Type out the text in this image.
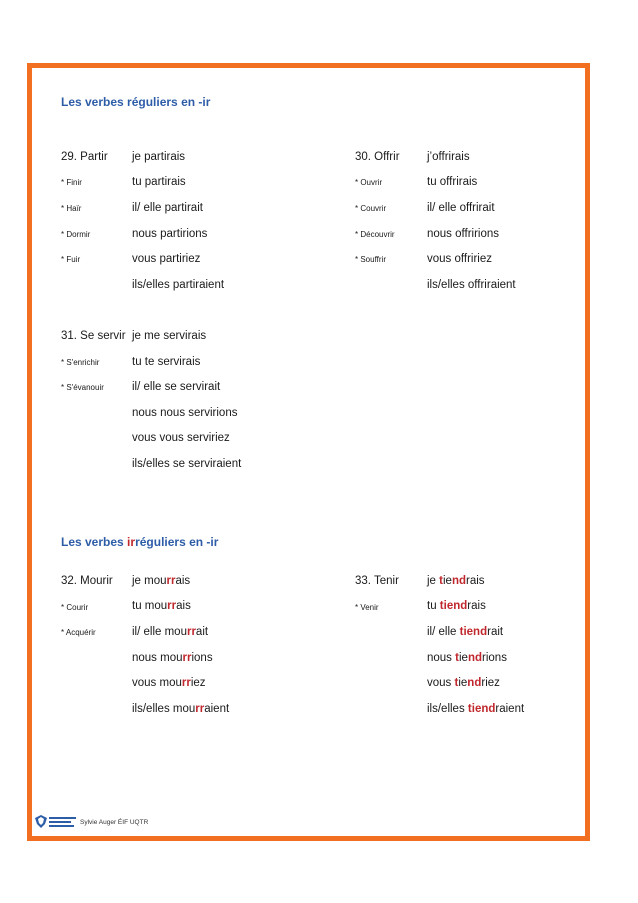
Les verbes réguliers en -ir
29. Partir
* Finir
* Haïr
* Dormir
* Fuir
je partirais
tu partirais
il/ elle partirait
nous partirions
vous partiriez
ils/elles partiraient
30. Offrir
* Ouvrir
* Couvrir
* Découvrir
* Souffrir
j’offrirais
tu offrirais
il/ elle offrirait
nous offririons
vous offririez
ils/elles offriraient
31. Se servir
* S'enrichir
* S'évanouir
je me servirais
tu te servirais
il/ elle se servirait
nous nous servirions
vous vous serviriez
ils/elles se serviraient
Les verbes irréguliers en -ir
32. Mourir
* Courir
* Acquérir
je mourrais
tu mourrais
il/ elle mourrait
nous mourrions
vous mourriez
ils/elles mourraient
33. Tenir
* Venir
je tiendrais
tu tiendrais
il/ elle tiendrait
nous tiendrions
vous tiendriez
ils/elles tiendraient
Sylvie Auger ÉIF UQTR
